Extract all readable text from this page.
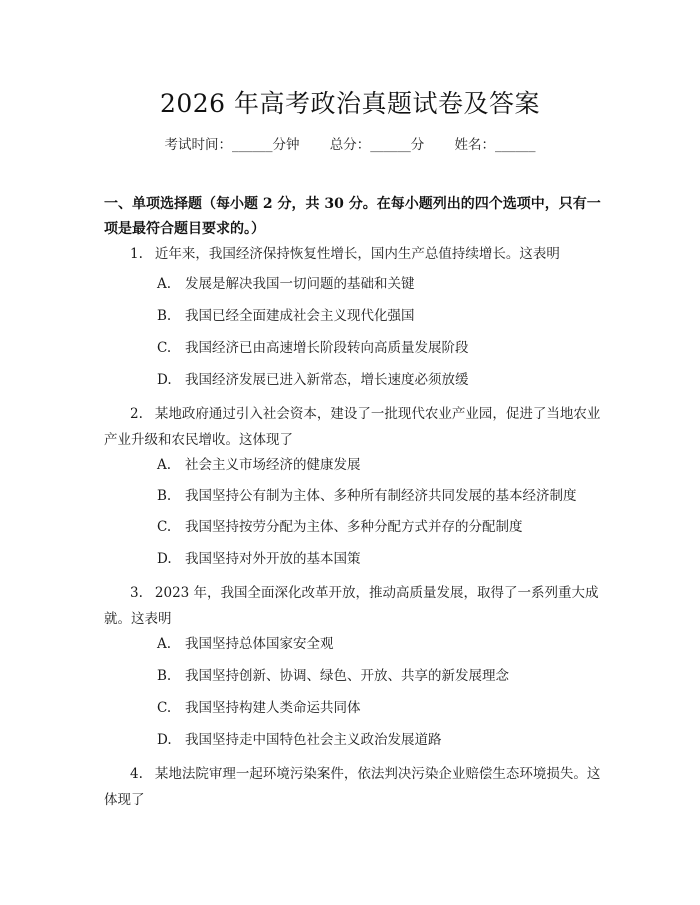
2026 年高考政治真题试卷及答案
考试时间：______分钟 总分：______分 姓名：______
一、单项选择题（每小题 2 分，共 30 分。在每小题列出的四个选项中，只有一项是最符合题目要求的。）
1. 近年来，我国经济保持恢复性增长，国内生产总值持续增长。这表明
A. 发展是解决我国一切问题的基础和关键
B. 我国已经全面建成社会主义现代化强国
C. 我国经济已由高速增长阶段转向高质量发展阶段
D. 我国经济发展已进入新常态，增长速度必须放缓
2. 某地政府通过引入社会资本，建设了一批现代农业产业园，促进了当地农业产业升级和农民增收。这体现了
A. 社会主义市场经济的健康发展
B. 我国坚持公有制为主体、多种所有制经济共同发展的基本经济制度
C. 我国坚持按劳分配为主体、多种分配方式并存的分配制度
D. 我国坚持对外开放的基本国策
3. 2023 年，我国全面深化改革开放，推动高质量发展，取得了一系列重大成就。这表明
A. 我国坚持总体国家安全观
B. 我国坚持创新、协调、绿色、开放、共享的新发展理念
C. 我国坚持构建人类命运共同体
D. 我国坚持走中国特色社会主义政治发展道路
4. 某地法院审理一起环境污染案件，依法判决污染企业赔偿生态环境损失。这体现了
